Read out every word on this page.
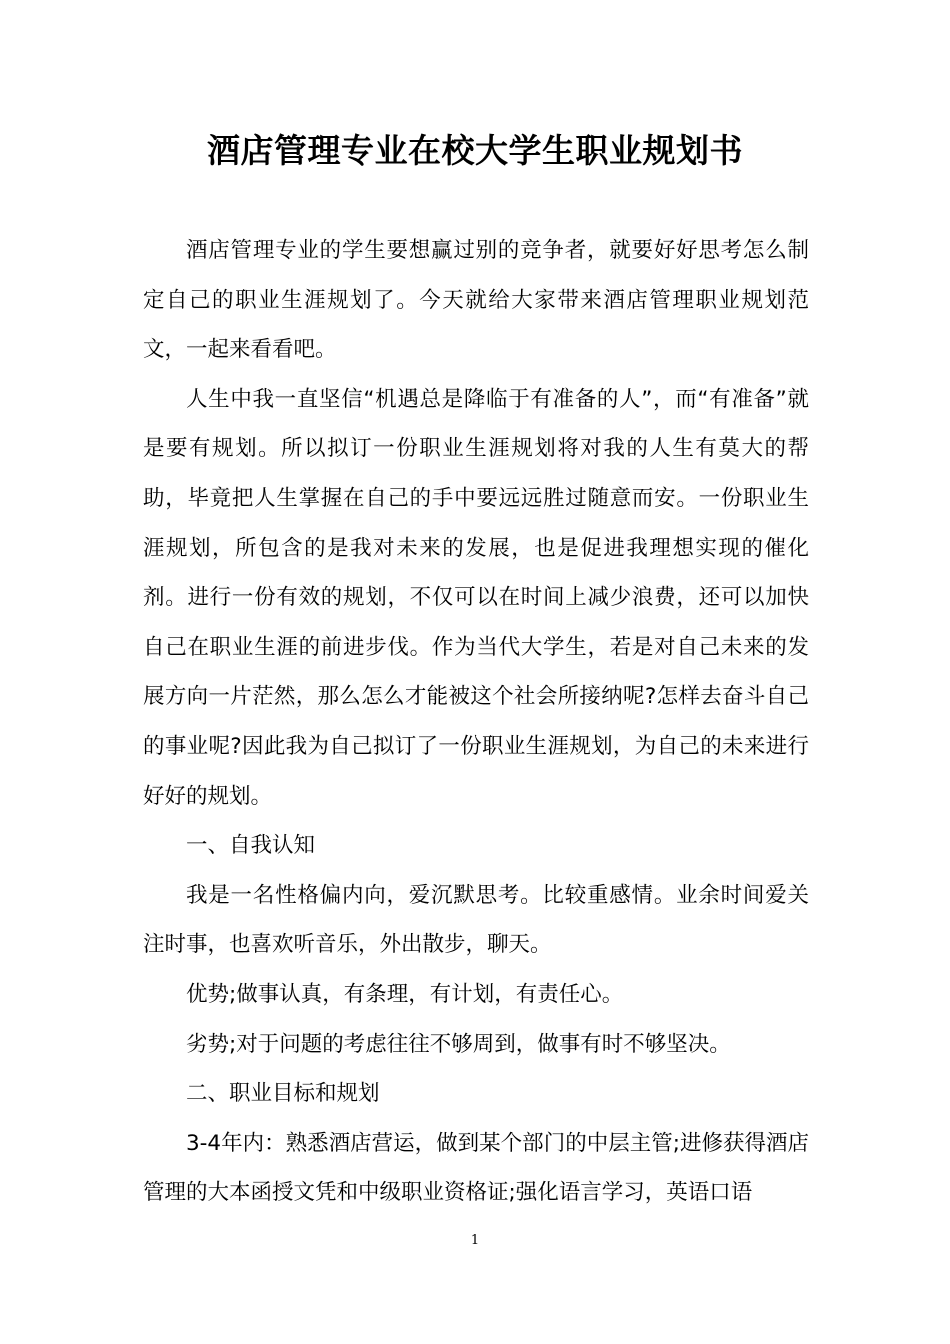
酒店管理专业在校大学生职业规划书

酒店管理专业的学生要想赢过别的竞争者，就要好好思考怎么制定自己的职业生涯规划了。今天就给大家带来酒店管理职业规划范文，一起来看看吧。

人生中我一直坚信“机遇总是降临于有准备的人”，而“有准备”就是要有规划。所以拟订一份职业生涯规划将对我的人生有莫大的帮助，毕竟把人生掌握在自己的手中要远远胜过随意而安。一份职业生涯规划，所包含的是我对未来的发展，也是促进我理想实现的催化剂。进行一份有效的规划，不仅可以在时间上减少浪费，还可以加快自己在职业生涯的前进步伐。作为当代大学生，若是对自己未来的发展方向一片茫然，那么怎么才能被这个社会所接纳呢?怎样去奋斗自己的事业呢?因此我为自己拟订了一份职业生涯规划，为自己的未来进行好好的规划。

一、自我认知

我是一名性格偏内向，爱沉默思考。比较重感情。业余时间爱关注时事，也喜欢听音乐，外出散步，聊天。

优势;做事认真，有条理，有计划，有责任心。

劣势;对于问题的考虑往往不够周到，做事有时不够坚决。

二、职业目标和规划

3-4年内：熟悉酒店营运，做到某个部门的中层主管;进修获得酒店管理的大本函授文凭和中级职业资格证;强化语言学习，英语口语

1
